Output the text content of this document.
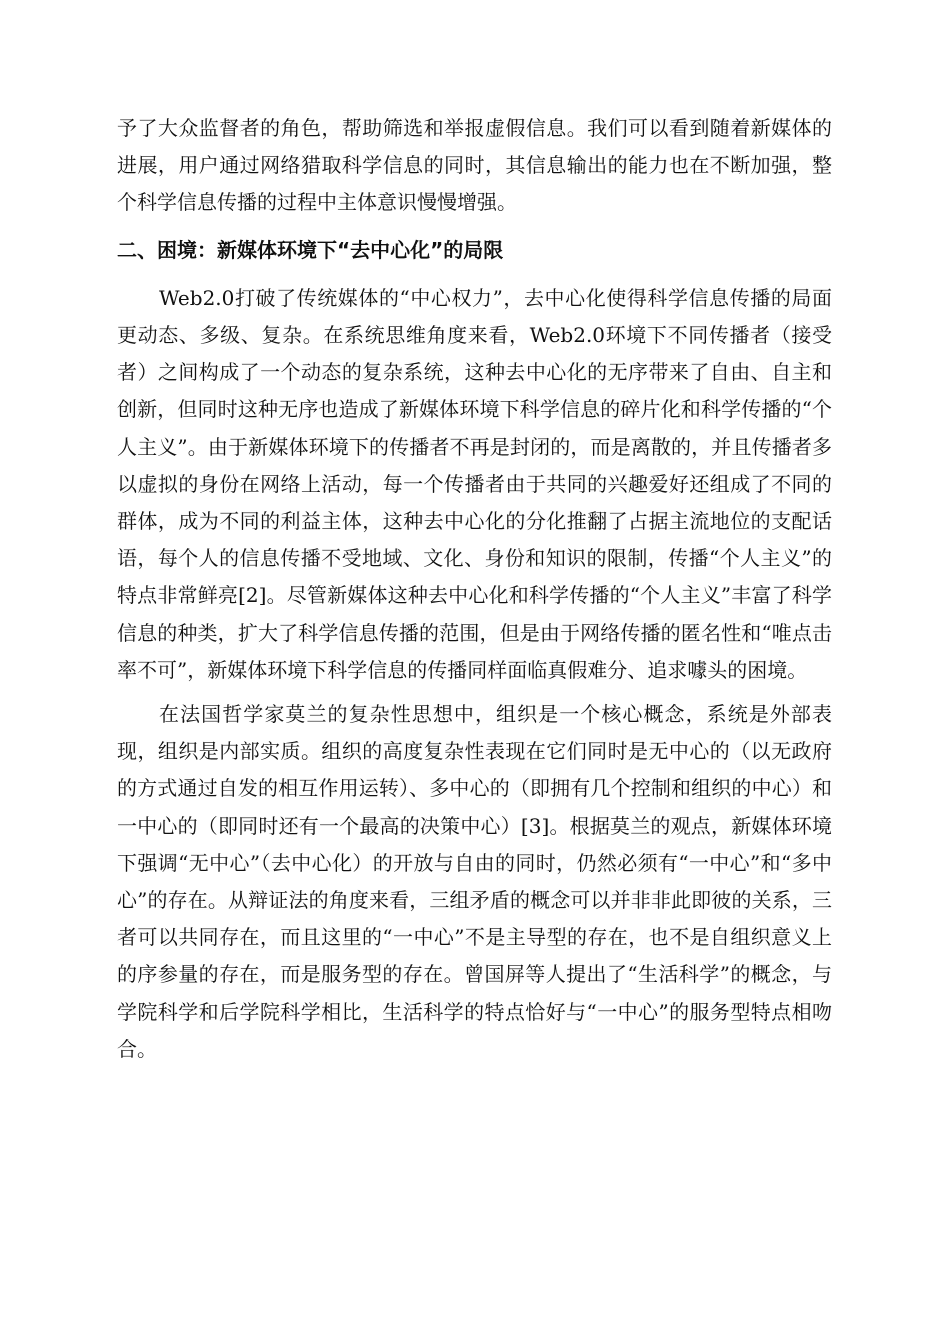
予了大众监督者的角色，帮助筛选和举报虚假信息。我们可以看到随着新媒体的进展，用户通过网络猎取科学信息的同时，其信息输出的能力也在不断加强，整个科学信息传播的过程中主体意识慢慢增强。

二、困境：新媒体环境下“去中心化”的局限

Web2.0打破了传统媒体的“中心权力”，去中心化使得科学信息传播的局面更动态、多级、复杂。在系统思维角度来看，Web2.0环境下不同传播者（接受者）之间构成了一个动态的复杂系统，这种去中心化的无序带来了自由、自主和创新，但同时这种无序也造成了新媒体环境下科学信息的碎片化和科学传播的“个人主义”。由于新媒体环境下的传播者不再是封闭的，而是离散的，并且传播者多以虚拟的身份在网络上活动，每一个传播者由于共同的兴趣爱好还组成了不同的群体，成为不同的利益主体，这种去中心化的分化推翻了占据主流地位的支配话语，每个人的信息传播不受地域、文化、身份和知识的限制，传播“个人主义”的特点非常鲜亮[2]。尽管新媒体这种去中心化和科学传播的“个人主义”丰富了科学信息的种类，扩大了科学信息传播的范围，但是由于网络传播的匿名性和“唯点击率不可”，新媒体环境下科学信息的传播同样面临真假难分、追求噱头的困境。

在法国哲学家莫兰的复杂性思想中，组织是一个核心概念，系统是外部表现，组织是内部实质。组织的高度复杂性表现在它们同时是无中心的（以无政府的方式通过自发的相互作用运转）、多中心的（即拥有几个控制和组织的中心）和一中心的（即同时还有一个最高的决策中心）[3]。根据莫兰的观点，新媒体环境下强调“无中心”（去中心化）的开放与自由的同时，仍然必须有“一中心”和“多中心”的存在。从辩证法的角度来看，三组矛盾的概念可以并非非此即彼的关系，三者可以共同存在，而且这里的“一中心”不是主导型的存在，也不是自组织意义上的序参量的存在，而是服务型的存在。曾国屏等人提出了“生活科学”的概念，与学院科学和后学院科学相比，生活科学的特点恰好与“一中心”的服务型特点相吻合。
